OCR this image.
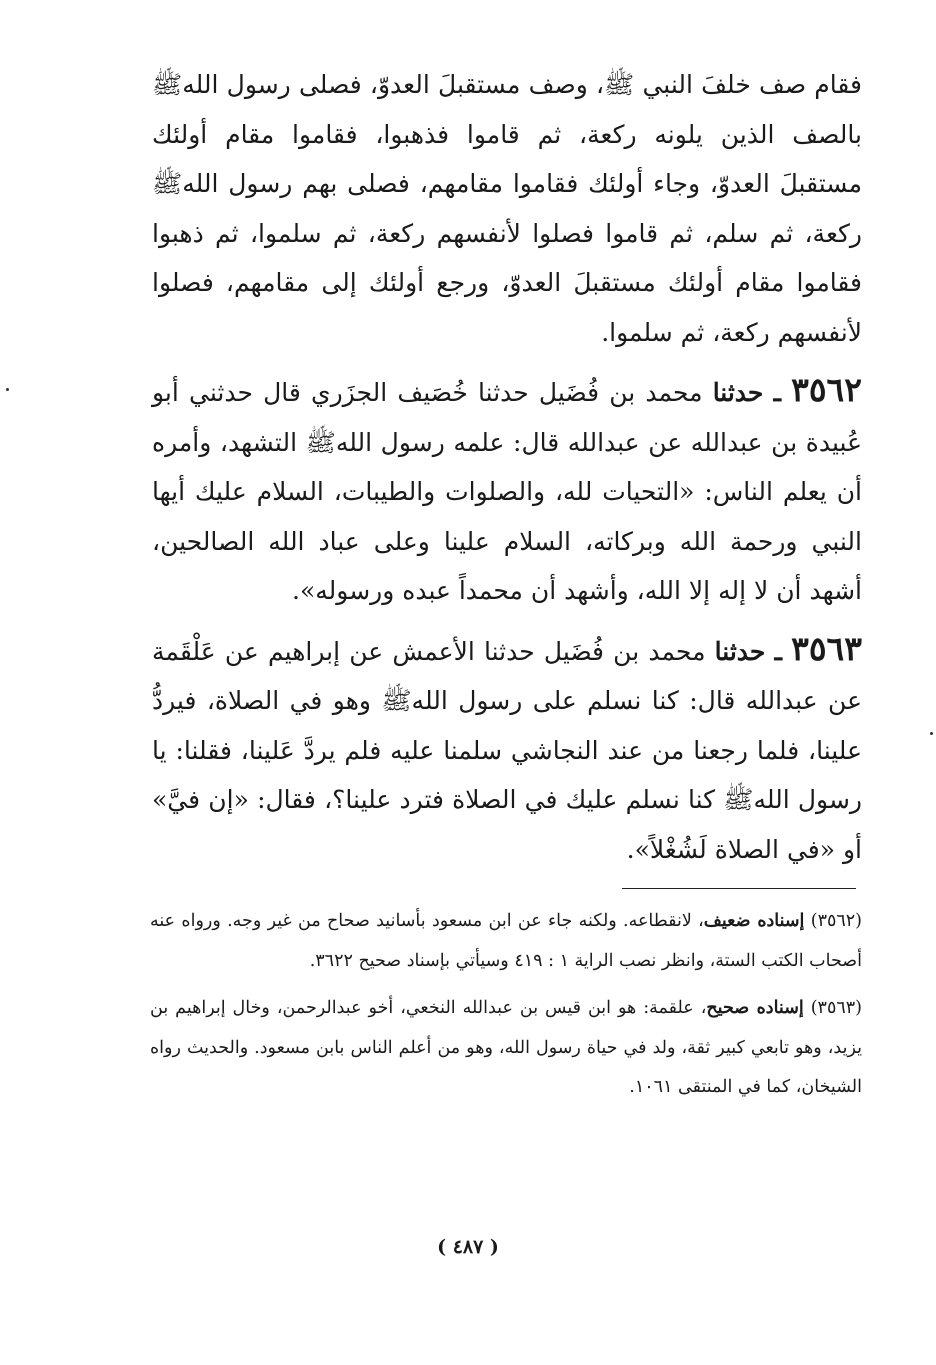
فقام صف خلفَ النبي ﷺ، وصف مستقبلَ العدوّ، فصلى رسول اللهﷺ بالصف الذين يلونه ركعة، ثم قاموا فذهبوا، فقاموا مقام أولئك مستقبلَ العدوّ، وجاء أولئك فقاموا مقامهم، فصلى بهم رسول اللهﷺ ركعة، ثم سلم، ثم قاموا فصلوا لأنفسهم ركعة، ثم سلموا، ثم ذهبوا فقاموا مقام أولئك مستقبلَ العدوّ، ورجع أولئك إلى مقامهم، فصلوا لأنفسهم ركعة، ثم سلموا.

٣٥٦٢ ـ حدثنا محمد بن فُضَيل حدثنا خُصَيف الجزَري قال حدثني أبو عُبيدة بن عبدالله عن عبدالله قال: علمه رسول اللهﷺ التشهد، وأمره أن يعلم الناس: «التحيات لله، والصلوات والطيبات، السلام عليك أيها النبي ورحمة الله وبركاته، السلام علينا وعلى عباد الله الصالحين، أشهد أن لا إله إلا الله، وأشهد أن محمداً عبده ورسوله».

٣٥٦٣ ـ حدثنا محمد بن فُضَيل حدثنا الأعمش عن إبراهيم عن عَلْقَمة عن عبدالله قال: كنا نسلم على رسول اللهﷺ وهو في الصلاة، فيردُّ علينا، فلما رجعنا من عند النجاشي سلمنا عليه فلم يردَّ عَلينا، فقلنا: يا رسول اللهﷺ كنا نسلم عليك في الصلاة فترد علينا؟، فقال: «إن فيَّ» أو «في الصلاة لَشُغْلاً».

(٣٥٦٢) إسناده ضعيف، لانقطاعه. ولكنه جاء عن ابن مسعود بأسانيد صحاح من غير وجه. ورواه عنه أصحاب الكتب الستة، وانظر نصب الراية ١ : ٤١٩ وسيأتي بإسناد صحيح ٣٦٢٢.

(٣٥٦٣) إسناده صحيح، علقمة: هو ابن قيس بن عبدالله النخعي، أخو عبدالرحمن، وخال إبراهيم بن يزيد، وهو تابعي كبير ثقة، ولد في حياة رسول الله، وهو من أعلم الناس بابن مسعود. والحديث رواه الشيخان، كما في المنتقى ١٠٦١.

( ٤٨٧ )
